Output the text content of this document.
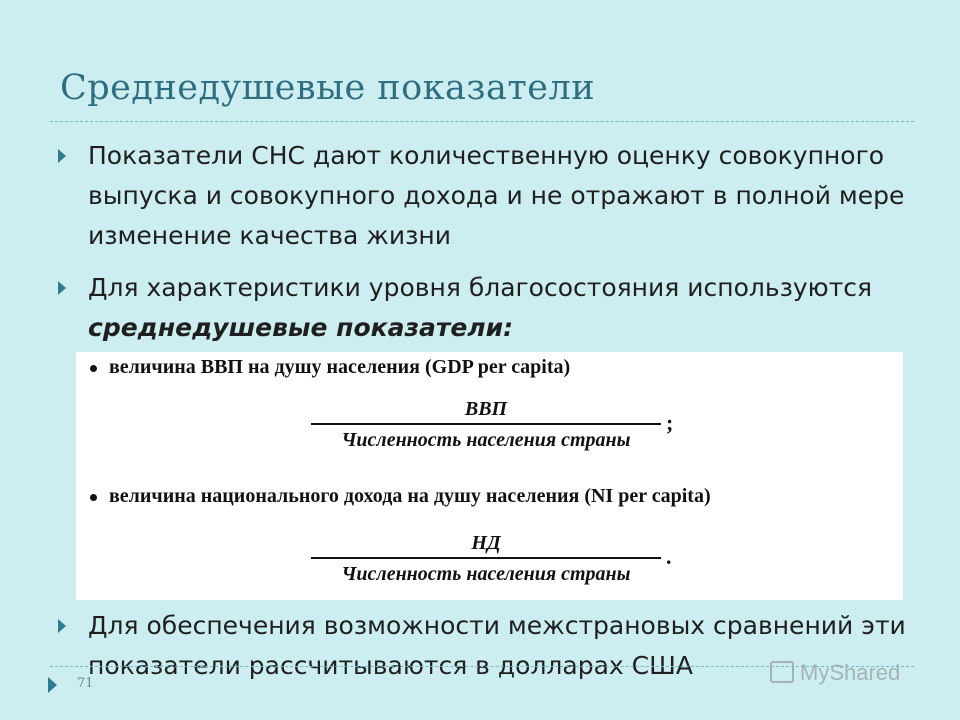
Среднедушевые показатели
Показатели СНС дают количественную оценку совокупного выпуска и совокупного дохода и не отражают в полной мере изменение качества жизни
Для характеристики уровня благосостояния используются среднедушевые показатели:
величина ВВП на душу населения (GDP per capita)
ВВП
Численность населения страны
;
величина национального дохода на душу населения (NI per capita)
НД
Численность населения страны
.
Для обеспечения возможности межстрановых сравнений эти показатели рассчитываются в долларах США
71	MyShared
